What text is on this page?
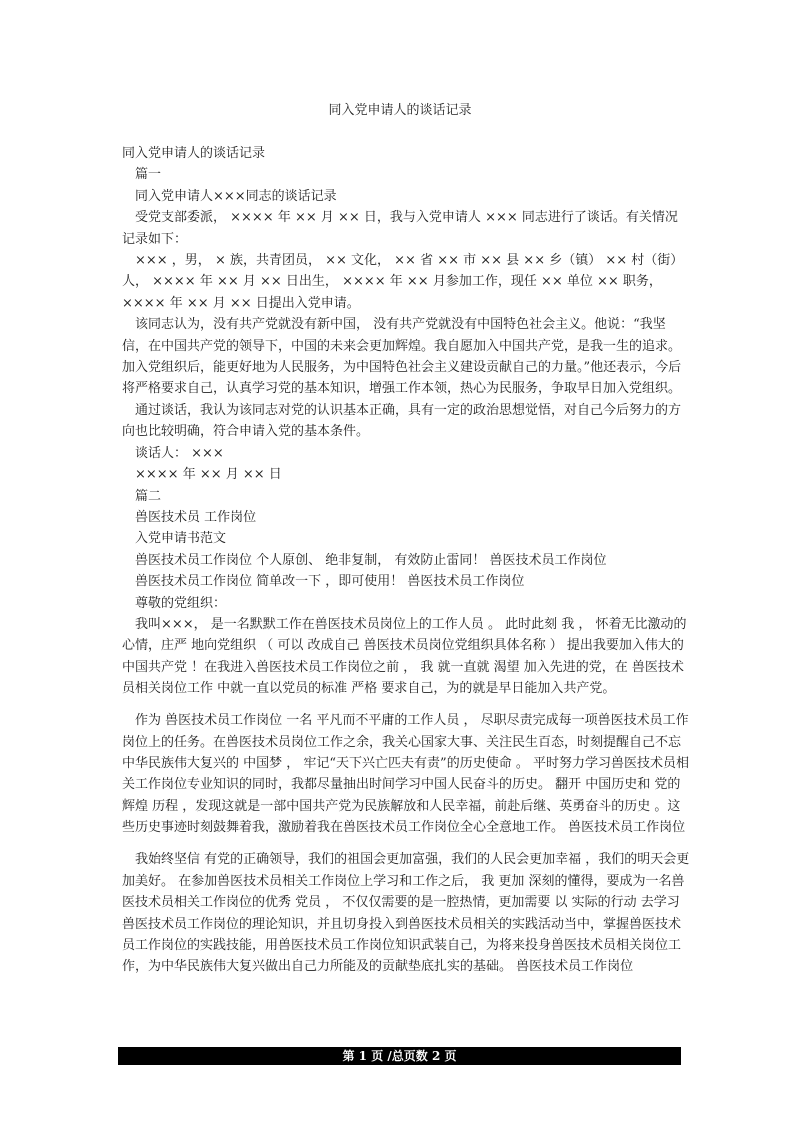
同入党申请人的谈话记录

同入党申请人的谈话记录

篇一

同入党申请人×××同志的谈话记录

受党支部委派， ×××× 年 ×× 月 ×× 日，我与入党申请人 ××× 同志进行了谈话。有关情况记录如下：

××× ，男， × 族，共青团员， ×× 文化， ×× 省 ×× 市 ×× 县 ×× 乡（镇） ×× 村（街）人， ×××× 年 ×× 月 ×× 日出生， ×××× 年 ×× 月参加工作，现任 ×× 单位 ×× 职务， ×××× 年 ×× 月 ×× 日提出入党申请。

该同志认为，没有共产党就没有新中国， 没有共产党就没有中国特色社会主义。他说：“我坚信，在中国共产党的领导下，中国的未来会更加辉煌。我自愿加入中国共产党，是我一生的追求。加入党组织后，能更好地为人民服务，为中国特色社会主义建设贡献自己的力量。”他还表示，今后将严格要求自己，认真学习党的基本知识，增强工作本领，热心为民服务，争取早日加入党组织。

通过谈话，我认为该同志对党的认识基本正确，具有一定的政治思想觉悟，对自己今后努力的方向也比较明确，符合申请入党的基本条件。

谈话人： ×××

×××× 年 ×× 月 ×× 日

篇二

兽医技术员 工作岗位

入党申请书范文

兽医技术员工作岗位 个人原创、 绝非复制， 有效防止雷同！ 兽医技术员工作岗位

兽医技术员工作岗位 简单改一下 ，即可使用！ 兽医技术员工作岗位

尊敬的党组织：

我叫×××， 是一名默默工作在兽医技术员岗位上的工作人员 。 此时此刻 我 ， 怀着无比激动的心情，庄严 地向党组织 （ 可以 改成自己 兽医技术员岗位党组织具体名称 ） 提出我要加入伟大的中国共产党 ！在我进入兽医技术员工作岗位之前 ， 我 就一直就 渴望 加入先进的党，在 兽医技术员相关岗位工作 中就一直以党员的标准 严格 要求自己，为的就是早日能加入共产党。

作为 兽医技术员工作岗位 一名 平凡而不平庸的工作人员 ， 尽职尽责完成每一项兽医技术员工作岗位上的任务。在兽医技术员岗位工作之余，我关心国家大事、关注民生百态，时刻提醒自己不忘 中华民族伟大复兴的 中国梦 ， 牢记“天下兴亡匹夫有责”的历史使命 。 平时努力学习兽医技术员相关工作岗位专业知识的同时，我都尽量抽出时间学习中国人民奋斗的历史。 翻开 中国历史和 党的辉煌 历程 ，发现这就是一部中国共产党为民族解放和人民幸福，前赴后继、英勇奋斗的历史 。这些历史事迹时刻鼓舞着我，激励着我在兽医技术员工作岗位全心全意地工作。 兽医技术员工作岗位

我始终坚信 有党的正确领导，我们的祖国会更加富强，我们的人民会更加幸福 ，我们的明天会更加美好。 在参加兽医技术员相关工作岗位上学习和工作之后， 我 更加 深刻的懂得，要成为一名兽医技术员相关工作岗位的优秀 党员 ， 不仅仅需要的是一腔热情，更加需要 以 实际的行动 去学习兽医技术员工作岗位的理论知识，并且切身投入到兽医技术员相关的实践活动当中，掌握兽医技术员工作岗位的实践技能，用兽医技术员工作岗位知识武装自己，为将来投身兽医技术员相关岗位工作，为中华民族伟大复兴做出自己力所能及的贡献垫底扎实的基础。 兽医技术员工作岗位

第 1 页 /总页数 2 页
